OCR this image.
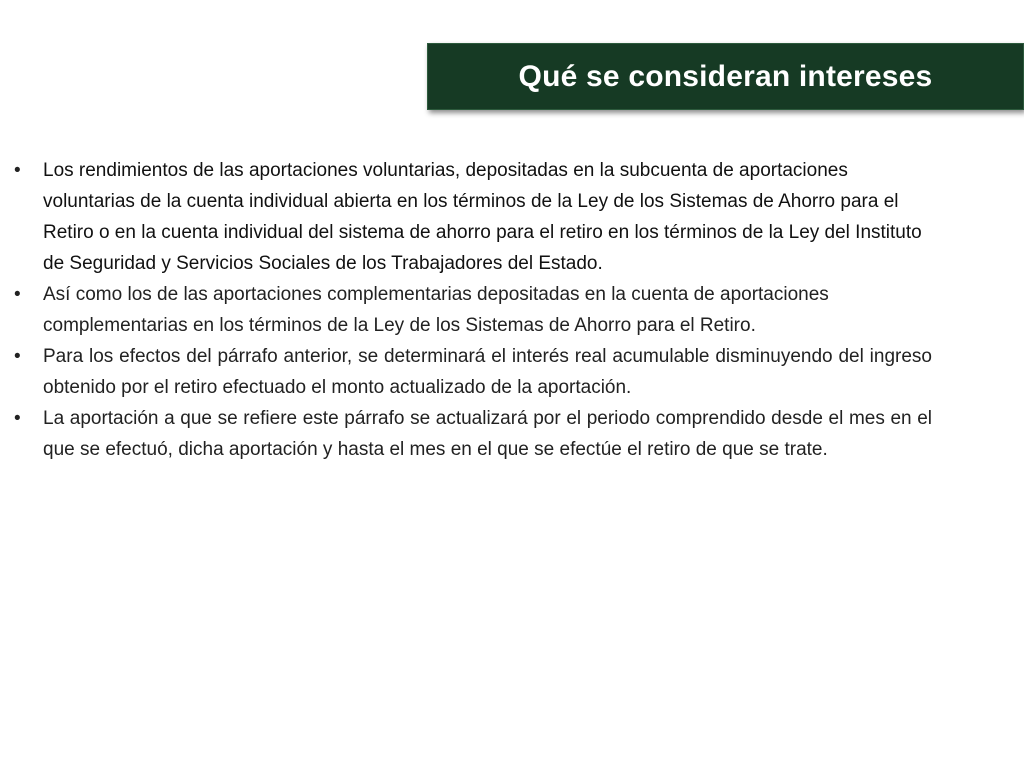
Qué se consideran intereses
• Los rendimientos de las aportaciones voluntarias, depositadas en la subcuenta de aportaciones voluntarias de la cuenta individual abierta en los términos de la Ley de los Sistemas de Ahorro para el Retiro o en la cuenta individual del sistema de ahorro para el retiro en los términos de la Ley del Instituto de Seguridad y Servicios Sociales de los Trabajadores del Estado.
• Así como los de las aportaciones complementarias depositadas en la cuenta de aportaciones complementarias en los términos de la Ley de los Sistemas de Ahorro para el Retiro.
• Para los efectos del párrafo anterior, se determinará el interés real acumulable disminuyendo del ingreso obtenido por el retiro efectuado el monto actualizado de la aportación.
• La aportación a que se refiere este párrafo se actualizará por el periodo comprendido desde el mes en el que se efectuó, dicha aportación y hasta el mes en el que se efectúe el retiro de que se trate.
